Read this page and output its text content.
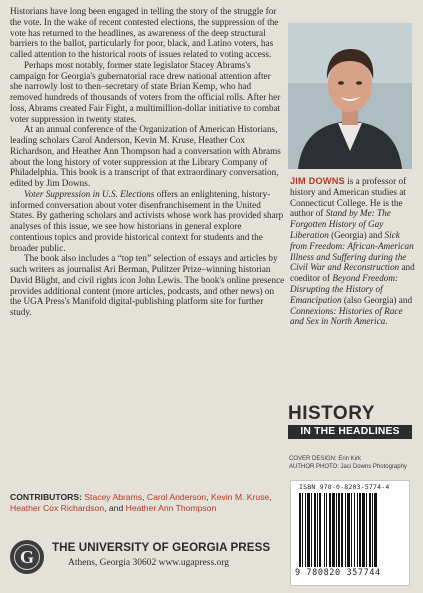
Historians have long been engaged in telling the story of the struggle for the vote. In the wake of recent contested elections, the suppression of the vote has returned to the headlines, as awareness of the deep structural barriers to the ballot, particularly for poor, black, and Latino voters, has called attention to the historical roots of issues related to voting access.

Perhaps most notably, former state legislator Stacey Abrams's campaign for Georgia's gubernatorial race drew national attention after she narrowly lost to then–secretary of state Brian Kemp, who had removed hundreds of thousands of voters from the official rolls. After her loss, Abrams created Fair Fight, a multimillion-dollar initiative to combat voter suppression in twenty states.

At an annual conference of the Organization of American Historians, leading scholars Carol Anderson, Kevin M. Kruse, Heather Cox Richardson, and Heather Ann Thompson had a conversation with Abrams about the long history of voter suppression at the Library Company of Philadelphia. This book is a transcript of that extraordinary conversation, edited by Jim Downs.

Voter Suppression in U.S. Elections offers an enlightening, history-informed conversation about voter disenfranchisement in the United States. By gathering scholars and activists whose work has provided sharp analyses of this issue, we see how historians in general explore contentious topics and provide historical context for students and the broader public.

The book also includes a “top ten” selection of essays and articles by such writers as journalist Ari Berman, Pulitzer Prize–winning historian David Blight, and civil rights icon John Lewis. The book's online presence provides additional content (more articles, podcasts, and other news) on the UGA Press's Manifold digital-publishing platform site for further study.

CONTRIBUTORS: Stacey Abrams, Carol Anderson, Kevin M. Kruse, Heather Cox Richardson, and Heather Ann Thompson
G	THE UNIVERSITY OF GEORGIA PRESS
Athens, Georgia 30602 www.ugapress.org
JIM DOWNS is a professor of history and American studies at Connecticut College. He is the author of Stand by Me: The Forgotten History of Gay Liberation (Georgia) and Sick from Freedom: African-American Illness and Suffering during the Civil War and Reconstruction and coeditor of Beyond Freedom: Disrupting the History of Emancipation (also Georgia) and Connexions: Histories of Race and Sex in North America.
HISTORY
IN THE HEADLINES
COVER DESIGN: Erin Kirk
AUTHOR PHOTO: Jaci Downs Photography
ISBN 978-0-8203-5774-4
9 780820 357744
